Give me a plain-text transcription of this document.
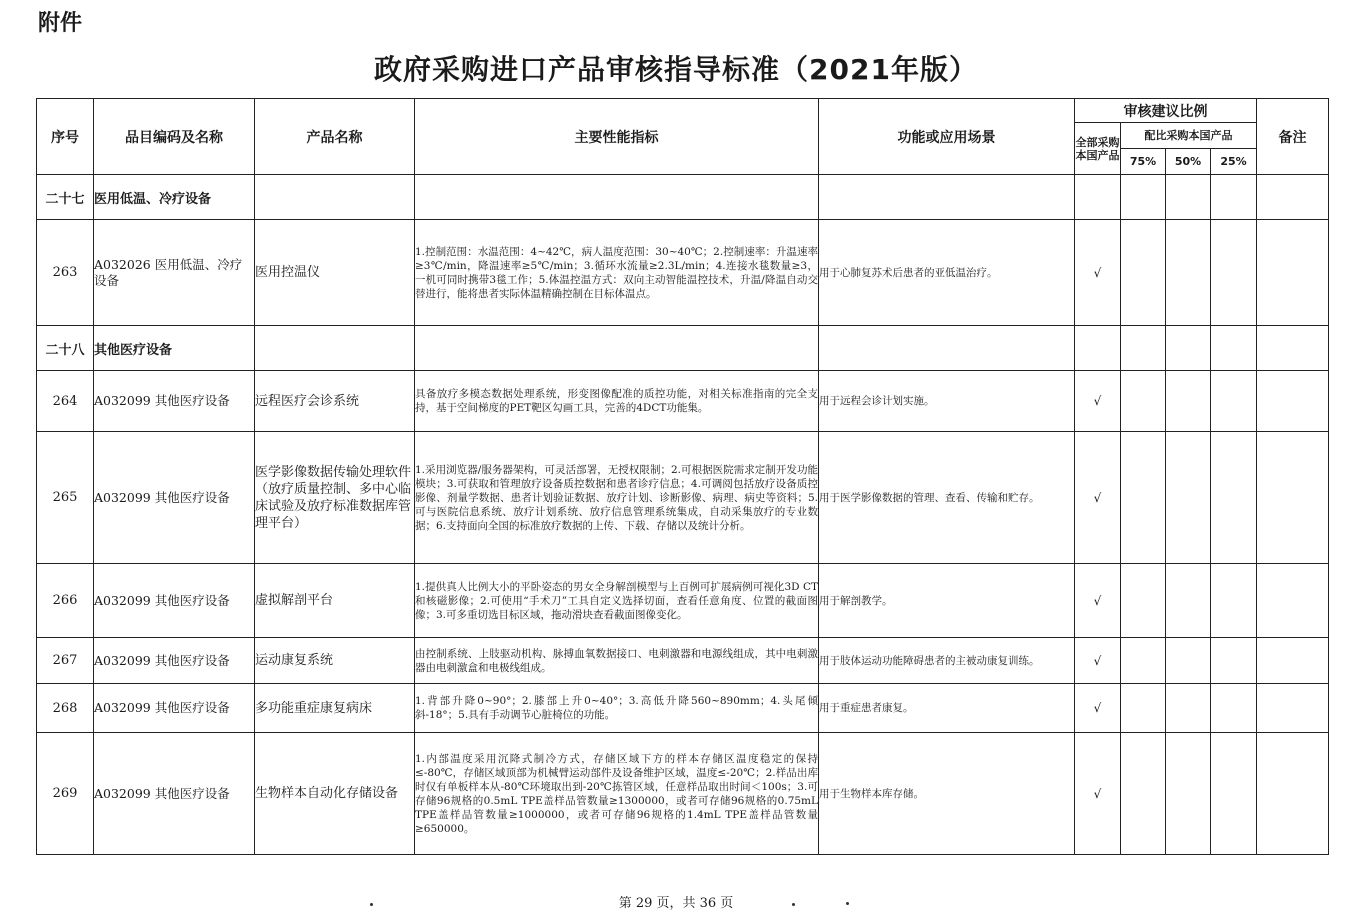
附件
政府采购进口产品审核指导标准（2021年版）
序号	品目编码及名称	产品名称	主要性能指标	功能或应用场景	审核建议比例				备注
					全部采购本国产品	配比采购本国产品			
						75%	50%	25%	
二十七	医用低温、冷疗设备								
263	A032026 医用低温、冷疗设备	医用控温仪	1.控制范围：水温范围：4~42℃，病人温度范围：30~40℃；2.控制速率：升温速率≥3℃/min，降温速率≥5℃/min；3.循环水流量≥2.3L/min；4.连接水毯数量≥3，一机可同时携带3毯工作；5.体温控温方式：双向主动智能温控技术，升温/降温自动交替进行，能将患者实际体温精确控制在目标体温点。	用于心肺复苏术后患者的亚低温治疗。	√				
二十八	其他医疗设备								
264	A032099 其他医疗设备	远程医疗会诊系统	具备放疗多模态数据处理系统，形变图像配准的质控功能，对相关标准指南的完全支持，基于空间梯度的PET靶区勾画工具，完善的4DCT功能集。	用于远程会诊计划实施。	√				
265	A032099 其他医疗设备	医学影像数据传输处理软件（放疗质量控制、多中心临床试验及放疗标准数据库管理平台）	1.采用浏览器/服务器架构，可灵活部署，无授权限制；2.可根据医院需求定制开发功能模块；3.可获取和管理放疗设备质控数据和患者诊疗信息；4.可调阅包括放疗设备质控影像、剂量学数据、患者计划验证数据、放疗计划、诊断影像、病理、病史等资料；5.可与医院信息系统、放疗计划系统、放疗信息管理系统集成，自动采集放疗的专业数据；6.支持面向全国的标准放疗数据的上传、下载、存储以及统计分析。	用于医学影像数据的管理、查看、传输和贮存。	√				
266	A032099 其他医疗设备	虚拟解剖平台	1.提供真人比例大小的平卧姿态的男女全身解剖模型与上百例可扩展病例可视化3D CT和核磁影像；2.可使用“手术刀”工具自定义选择切面，查看任意角度、位置的截面图像；3.可多重切选目标区域，拖动滑块查看截面图像变化。	用于解剖教学。	√				
267	A032099 其他医疗设备	运动康复系统	由控制系统、上肢驱动机构、脉搏血氧数据接口、电刺激器和电源线组成，其中电刺激器由电刺激盒和电极线组成。	用于肢体运动功能障碍患者的主被动康复训练。	√				
268	A032099 其他医疗设备	多功能重症康复病床	1.背部升降0~90°；2.膝部上升0~40°；3.高低升降560~890mm；4.头尾倾斜-18°；5.具有手动调节心脏椅位的功能。	用于重症患者康复。	√				
269	A032099 其他医疗设备	生物样本自动化存储设备	1.内部温度采用沉降式制冷方式，存储区域下方的样本存储区温度稳定的保持≤-80℃，存储区域顶部为机械臂运动部件及设备维护区域，温度≤-20℃；2.样品出库时仅有单板样本从-80℃环境取出到-20℃拣管区域，任意样品取出时间＜100s；3.可存储96规格的0.5mL TPE盖样品管数量≥1300000，或者可存储96规格的0.75mL TPE盖样品管数量≥1000000，或者可存储96规格的1.4mL TPE盖样品管数量≥650000。	用于生物样本库存储。	√				
第 29 页，共 36 页
